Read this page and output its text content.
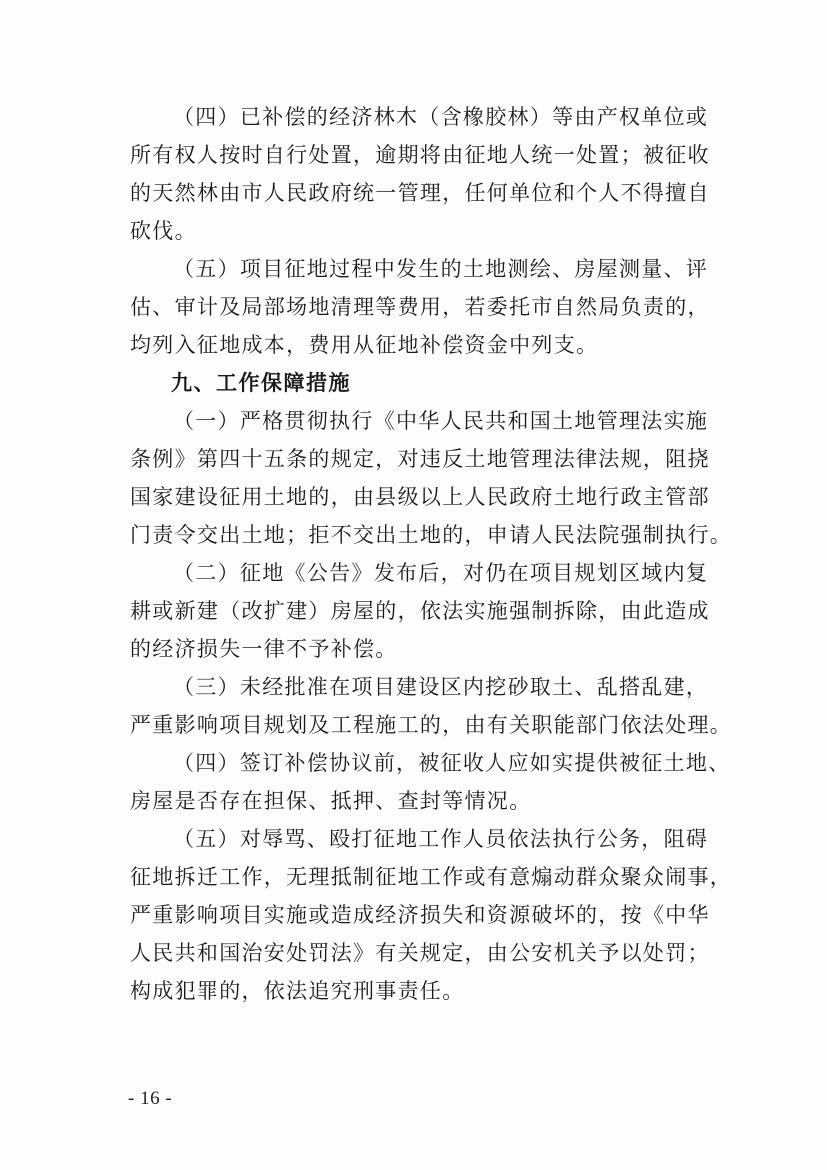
（四）已补偿的经济林木（含橡胶林）等由产权单位或
所有权人按时自行处置，逾期将由征地人统一处置；被征收
的天然林由市人民政府统一管理，任何单位和个人不得擅自
砍伐。
（五）项目征地过程中发生的土地测绘、房屋测量、评
估、审计及局部场地清理等费用，若委托市自然局负责的，
均列入征地成本，费用从征地补偿资金中列支。
九、工作保障措施
（一）严格贯彻执行《中华人民共和国土地管理法实施
条例》第四十五条的规定，对违反土地管理法律法规，阻挠
国家建设征用土地的，由县级以上人民政府土地行政主管部
门责令交出土地；拒不交出土地的，申请人民法院强制执行。
（二）征地《公告》发布后，对仍在项目规划区域内复
耕或新建（改扩建）房屋的，依法实施强制拆除，由此造成
的经济损失一律不予补偿。
（三）未经批准在项目建设区内挖砂取土、乱搭乱建，
严重影响项目规划及工程施工的，由有关职能部门依法处理。
（四）签订补偿协议前，被征收人应如实提供被征土地、
房屋是否存在担保、抵押、查封等情况。
（五）对辱骂、殴打征地工作人员依法执行公务，阻碍
征地拆迁工作，无理抵制征地工作或有意煽动群众聚众闹事，
严重影响项目实施或造成经济损失和资源破坏的，按《中华
人民共和国治安处罚法》有关规定，由公安机关予以处罚；
构成犯罪的，依法追究刑事责任。
- 16 -
